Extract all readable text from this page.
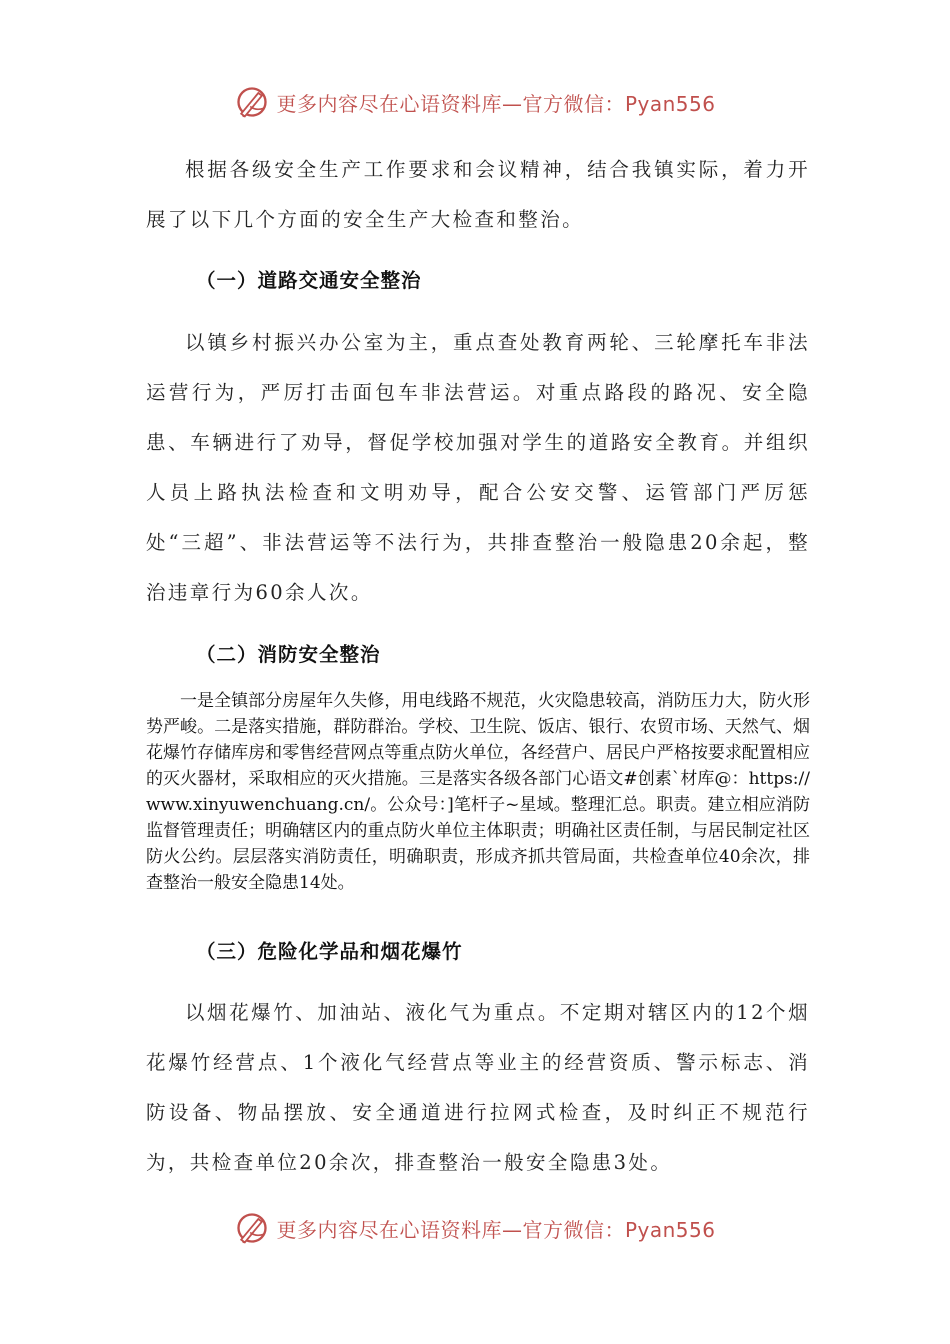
更多内容尽在心语资料库—官方微信：Pyan556

根据各级安全生产工作要求和会议精神，结合我镇实际，着力开展了以下几个方面的安全生产大检查和整治。

（一）道路交通安全整治

以镇乡村振兴办公室为主，重点查处教育两轮、三轮摩托车非法运营行为，严厉打击面包车非法营运。对重点路段的路况、安全隐患、车辆进行了劝导，督促学校加强对学生的道路安全教育。并组织人员上路执法检查和文明劝导，配合公安交警、运管部门严厉惩处“三超”、非法营运等不法行为，共排查整治一般隐患20余起，整治违章行为60余人次。

（二）消防安全整治

一是全镇部分房屋年久失修，用电线路不规范，火灾隐患较高，消防压力大，防火形势严峻。二是落实措施，群防群治。学校、卫生院、饭店、银行、农贸市场、天然气、烟花爆竹存储库房和零售经营网点等重点防火单位，各经营户、居民户严格按要求配置相应的灭火器材，采取相应的灭火措施。三是落实各级各部门心语文#创素`材库@：https://www.xinyuwenchuang.cn/。公众号：]笔杆子~星域。整理汇总。职责。建立相应消防监督管理责任；明确辖区内的重点防火单位主体职责；明确社区责任制，与居民制定社区防火公约。层层落实消防责任，明确职责，形成齐抓共管局面，共检查单位40余次，排查整治一般安全隐患14处。

（三）危险化学品和烟花爆竹

以烟花爆竹、加油站、液化气为重点。不定期对辖区内的12个烟花爆竹经营点、1个液化气经营点等业主的经营资质、警示标志、消防设备、物品摆放、安全通道进行拉网式检查，及时纠正不规范行为，共检查单位20余次，排查整治一般安全隐患3处。

更多内容尽在心语资料库—官方微信：Pyan556
